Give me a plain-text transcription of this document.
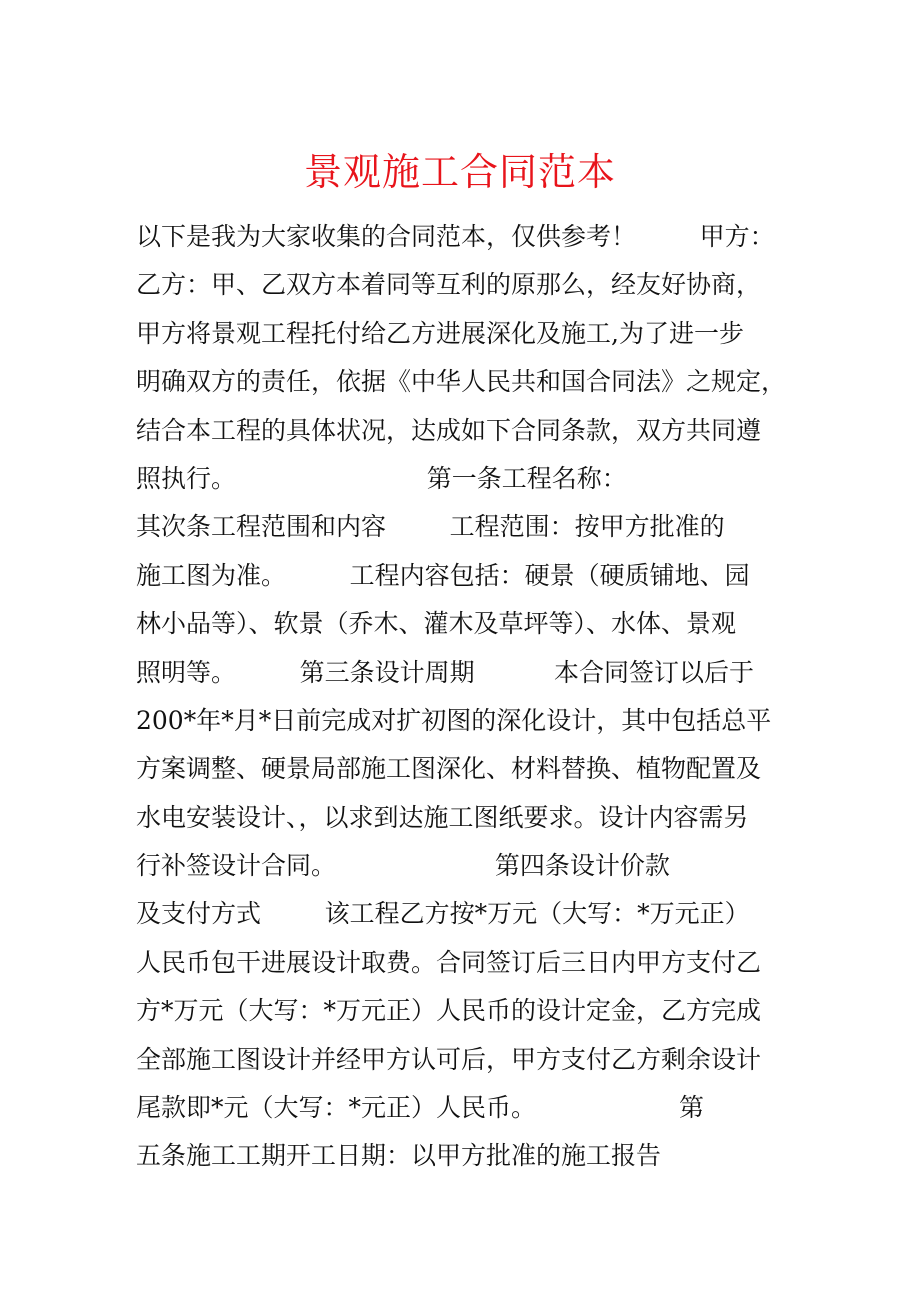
景观施工合同范本
以下是我为大家收集的合同范本，仅供参考！        甲方：
乙方：甲、乙双方本着同等互利的原那么，经友好协商，
甲方将景观工程托付给乙方进展深化及施工,为了进一步
明确双方的责任，依据《中华人民共和国合同法》之规定，
结合本工程的具体状况，达成如下合同条款，双方共同遵
照执行。                        第一条工程名称：
其次条工程范围和内容        工程范围：按甲方批准的
施工图为准。        工程内容包括：硬景（硬质铺地、园
林小品等）、软景（乔木、灌木及草坪等）、水体、景观
照明等。        第三条设计周期          本合同签订以后于
200*年*月*日前完成对扩初图的深化设计，其中包括总平
方案调整、硬景局部施工图深化、材料替换、植物配置及
水电安装设计、，以求到达施工图纸要求。设计内容需另
行补签设计合同。                    第四条设计价款
及支付方式        该工程乙方按*万元（大写：*万元正）
人民币包干进展设计取费。合同签订后三日内甲方支付乙
方*万元（大写：*万元正）人民币的设计定金，乙方完成
全部施工图设计并经甲方认可后，甲方支付乙方剩余设计
尾款即*元（大写：*元正）人民币。                  第
五条施工工期开工日期：以甲方批准的施工报告
